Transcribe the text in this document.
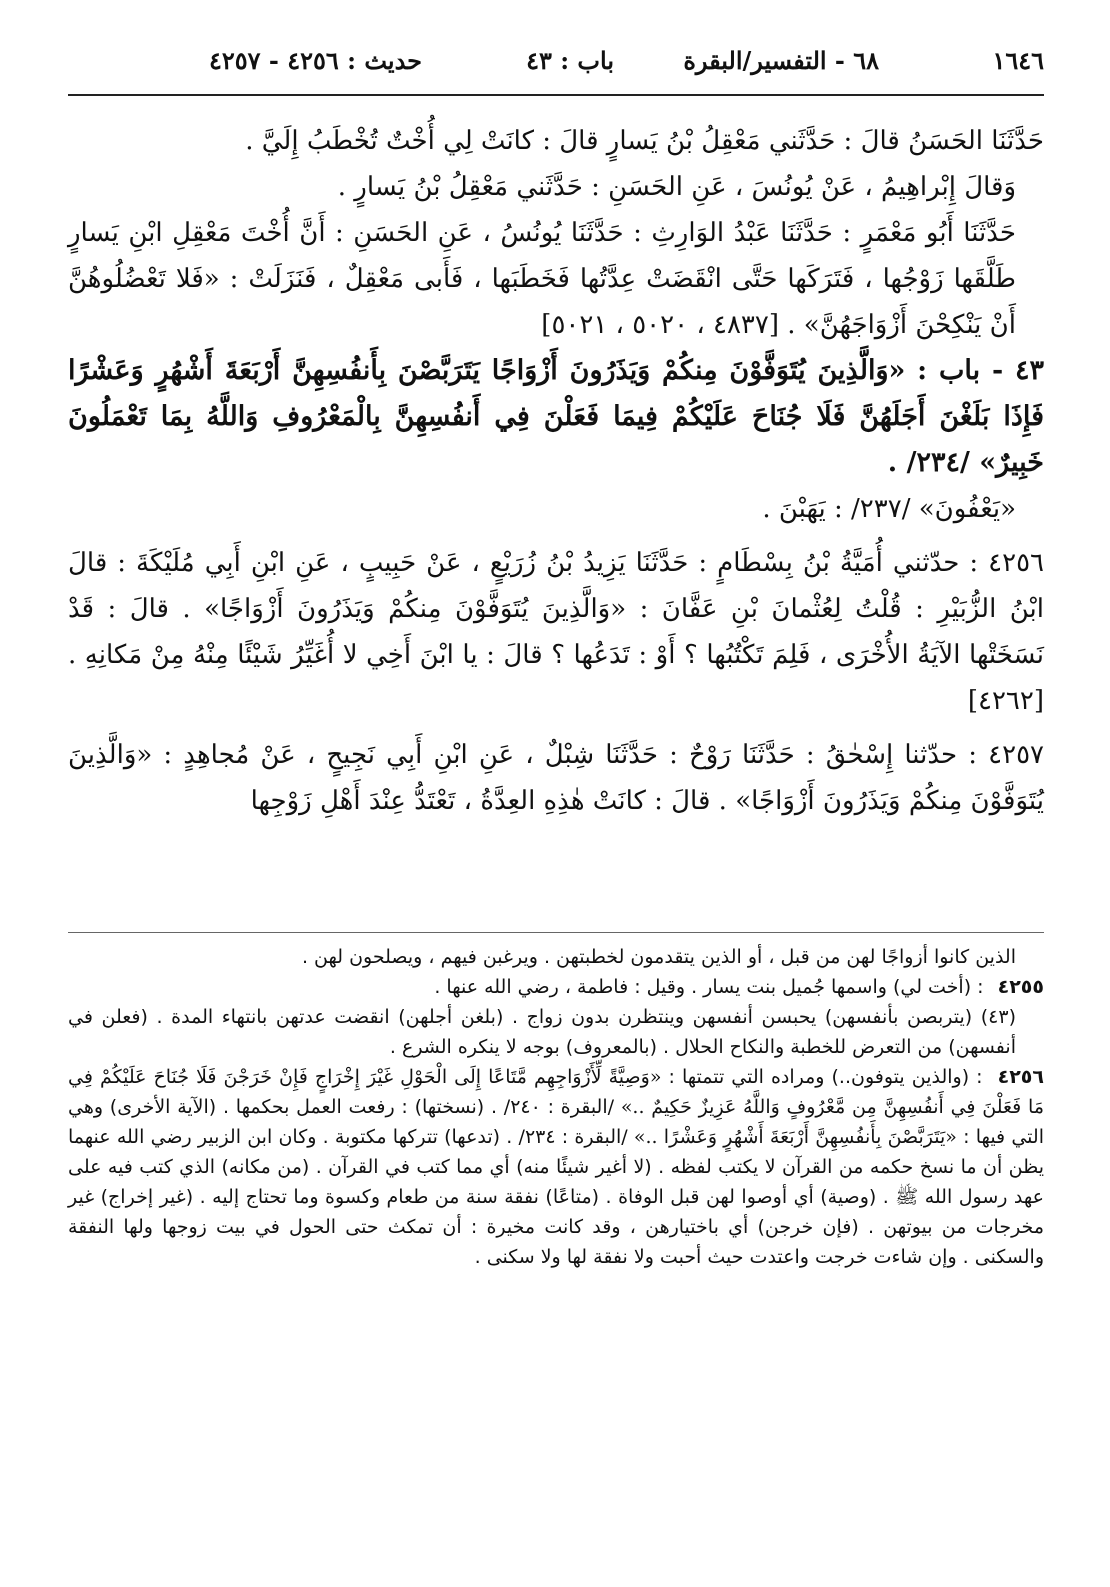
١٦٤٦
٦٨ - التفسير/البقرة
باب : ٤٣
حديث : ٤٢٥٦ - ٤٢٥٧

حَدَّثَنَا الحَسَنُ قالَ : حَدَّثَني مَعْقِلُ بْنُ يَسارٍ قالَ : كانَتْ لِي أُخْتٌ تُخْطَبُ إِلَيَّ .

وَقالَ إِبْراهِيمُ ، عَنْ يُونُسَ ، عَنِ الحَسَنِ : حَدَّثَني مَعْقِلُ بْنُ يَسارٍ .

حَدَّثَنَا أَبُو مَعْمَرٍ : حَدَّثَنَا عَبْدُ الوَارِثِ : حَدَّثَنَا يُونُسُ ، عَنِ الحَسَنِ : أَنَّ أُخْتَ مَعْقِلِ ابْنِ يَسارٍ طَلَّقَها زَوْجُها ، فَتَرَكَها حَتَّى انْقَضَتْ عِدَّتُها فَخَطَبَها ، فَأَبى مَعْقِلٌ ، فَنَزَلَتْ : «فَلا تَعْضُلُوهُنَّ أَنْ يَنْكِحْنَ أَزْوَاجَهُنَّ» . [٤٨٣٧ ، ٥٠٢٠ ، ٥٠٢١]

٤٣ - باب : «وَالَّذِينَ يُتَوَفَّوْنَ مِنكُمْ وَيَذَرُونَ أَزْوَاجًا يَتَرَبَّصْنَ بِأَنفُسِهِنَّ أَرْبَعَةَ أَشْهُرٍ وَعَشْرًا فَإِذَا بَلَغْنَ أَجَلَهُنَّ فَلَا جُنَاحَ عَلَيْكُمْ فِيمَا فَعَلْنَ فِي أَنفُسِهِنَّ بِالْمَعْرُوفِ وَاللَّهُ بِمَا تَعْمَلُونَ خَبِيرٌ» /٢٣٤/ .

«يَعْفُونَ» /٢٣٧/ : يَهَبْنَ .

٤٢٥٦ : حدّثني أُمَيَّةُ بْنُ بِسْطَامٍ : حَدَّثَنَا يَزِيدُ بْنُ زُرَيْعٍ ، عَنْ حَبِيبٍ ، عَنِ ابْنِ أَبِي مُلَيْكَةَ : قالَ ابْنُ الزُّبَيْرِ : قُلْتُ لِعُثْمانَ بْنِ عَفَّانَ : «وَالَّذِينَ يُتَوَفَّوْنَ مِنكُمْ وَيَذَرُونَ أَزْوَاجًا» . قالَ : قَدْ نَسَخَتْها الآيَةُ الأُخْرَى ، فَلِمَ تَكْتُبُها ؟ أَوْ : تَدَعُها ؟ قالَ : يا ابْنَ أَخِي لا أُغَيِّرُ شَيْئًا مِنْهُ مِنْ مَكانِهِ . [٤٢٦٢]

٤٢٥٧ : حدّثنا إِسْحٰقُ : حَدَّثَنَا رَوْحٌ : حَدَّثَنَا شِبْلٌ ، عَنِ ابْنِ أَبِي نَجِيحٍ ، عَنْ مُجاهِدٍ : «وَالَّذِينَ يُتَوَفَّوْنَ مِنكُمْ وَيَذَرُونَ أَزْوَاجًا» . قالَ : كانَتْ هٰذِهِ العِدَّةُ ، تَعْتَدُّ عِنْدَ أَهْلِ زَوْجِها

الذين كانوا أزواجًا لهن من قبل ، أو الذين يتقدمون لخطبتهن . ويرغبن فيهم ، ويصلحون لهن .

٤٢٥٥ : (أخت لي) واسمها جُميل بنت يسار . وقيل : فاطمة ، رضي الله عنها .

(٤٣) (يتربصن بأنفسهن) يحبسن أنفسهن وينتظرن بدون زواج . (بلغن أجلهن) انقضت عدتهن بانتهاء المدة . (فعلن في أنفسهن) من التعرض للخطبة والنكاح الحلال . (بالمعروف) بوجه لا ينكره الشرع .

٤٢٥٦ : (والذين يتوفون..) ومراده التي تتمتها : «وَصِيَّةً لِّأَزْوَاجِهِم مَّتَاعًا إِلَى الْحَوْلِ غَيْرَ إِخْرَاجٍ فَإِنْ خَرَجْنَ فَلَا جُنَاحَ عَلَيْكُمْ فِي مَا فَعَلْنَ فِي أَنفُسِهِنَّ مِن مَّعْرُوفٍ وَاللَّهُ عَزِيزٌ حَكِيمٌ ..» /البقرة : ٢٤٠/ . (نسختها) : رفعت العمل بحكمها . (الآية الأخرى) وهي التي فيها : «يَتَرَبَّصْنَ بِأَنفُسِهِنَّ أَرْبَعَةَ أَشْهُرٍ وَعَشْرًا ..» /البقرة : ٢٣٤/ . (تدعها) تتركها مكتوبة . وكان ابن الزبير رضي الله عنهما يظن أن ما نسخ حكمه من القرآن لا يكتب لفظه . (لا أغير شيئًا منه) أي مما كتب في القرآن . (من مكانه) الذي كتب فيه على عهد رسول الله ﷺ . (وصية) أي أوصوا لهن قبل الوفاة . (متاعًا) نفقة سنة من طعام وكسوة وما تحتاج إليه . (غير إخراج) غير مخرجات من بيوتهن . (فإن خرجن) أي باختيارهن ، وقد كانت مخيرة : أن تمكث حتى الحول في بيت زوجها ولها النفقة والسكنى . وإن شاءت خرجت واعتدت حيث أحبت ولا نفقة لها ولا سكنى .
